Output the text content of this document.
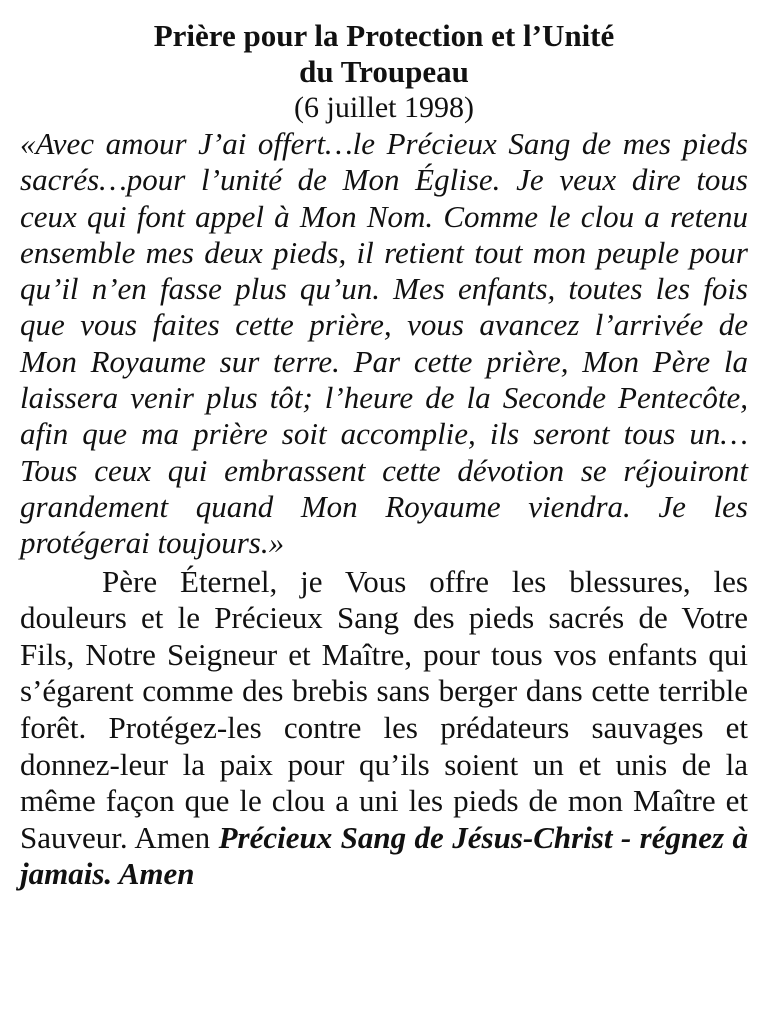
Prière pour la Protection et l’Unité

du Troupeau

(6 juillet 1998)

«Avec amour J’ai offert…le Précieux Sang de mes pieds sacrés…pour l’unité de Mon Église. Je veux dire tous ceux qui font appel à Mon Nom. Comme le clou a retenu ensemble mes deux pieds, il retient tout mon peuple pour qu’il n’en fasse plus qu’un. Mes enfants, toutes les fois que vous faites cette prière, vous avancez l’arrivée de Mon Royaume sur terre. Par cette prière, Mon Père la laissera venir plus tôt; l’heure de la Seconde Pentecôte, afin que ma prière soit accomplie, ils seront tous un…Tous ceux qui embrassent cette dévotion se réjouiront grandement quand Mon Royaume viendra. Je les protégerai toujours.»

Père Éternel, je Vous offre les blessures, les douleurs et le Précieux Sang des pieds sacrés de Votre Fils, Notre Seigneur et Maître, pour tous vos enfants qui s’égarent comme des brebis sans berger dans cette terrible forêt. Protégez-les contre les prédateurs sauvages et donnez-leur la paix pour qu’ils soient un et unis de la même façon que le clou a uni les pieds de mon Maître et Sauveur. Amen Précieux Sang de Jésus-Christ - régnez à jamais. Amen
